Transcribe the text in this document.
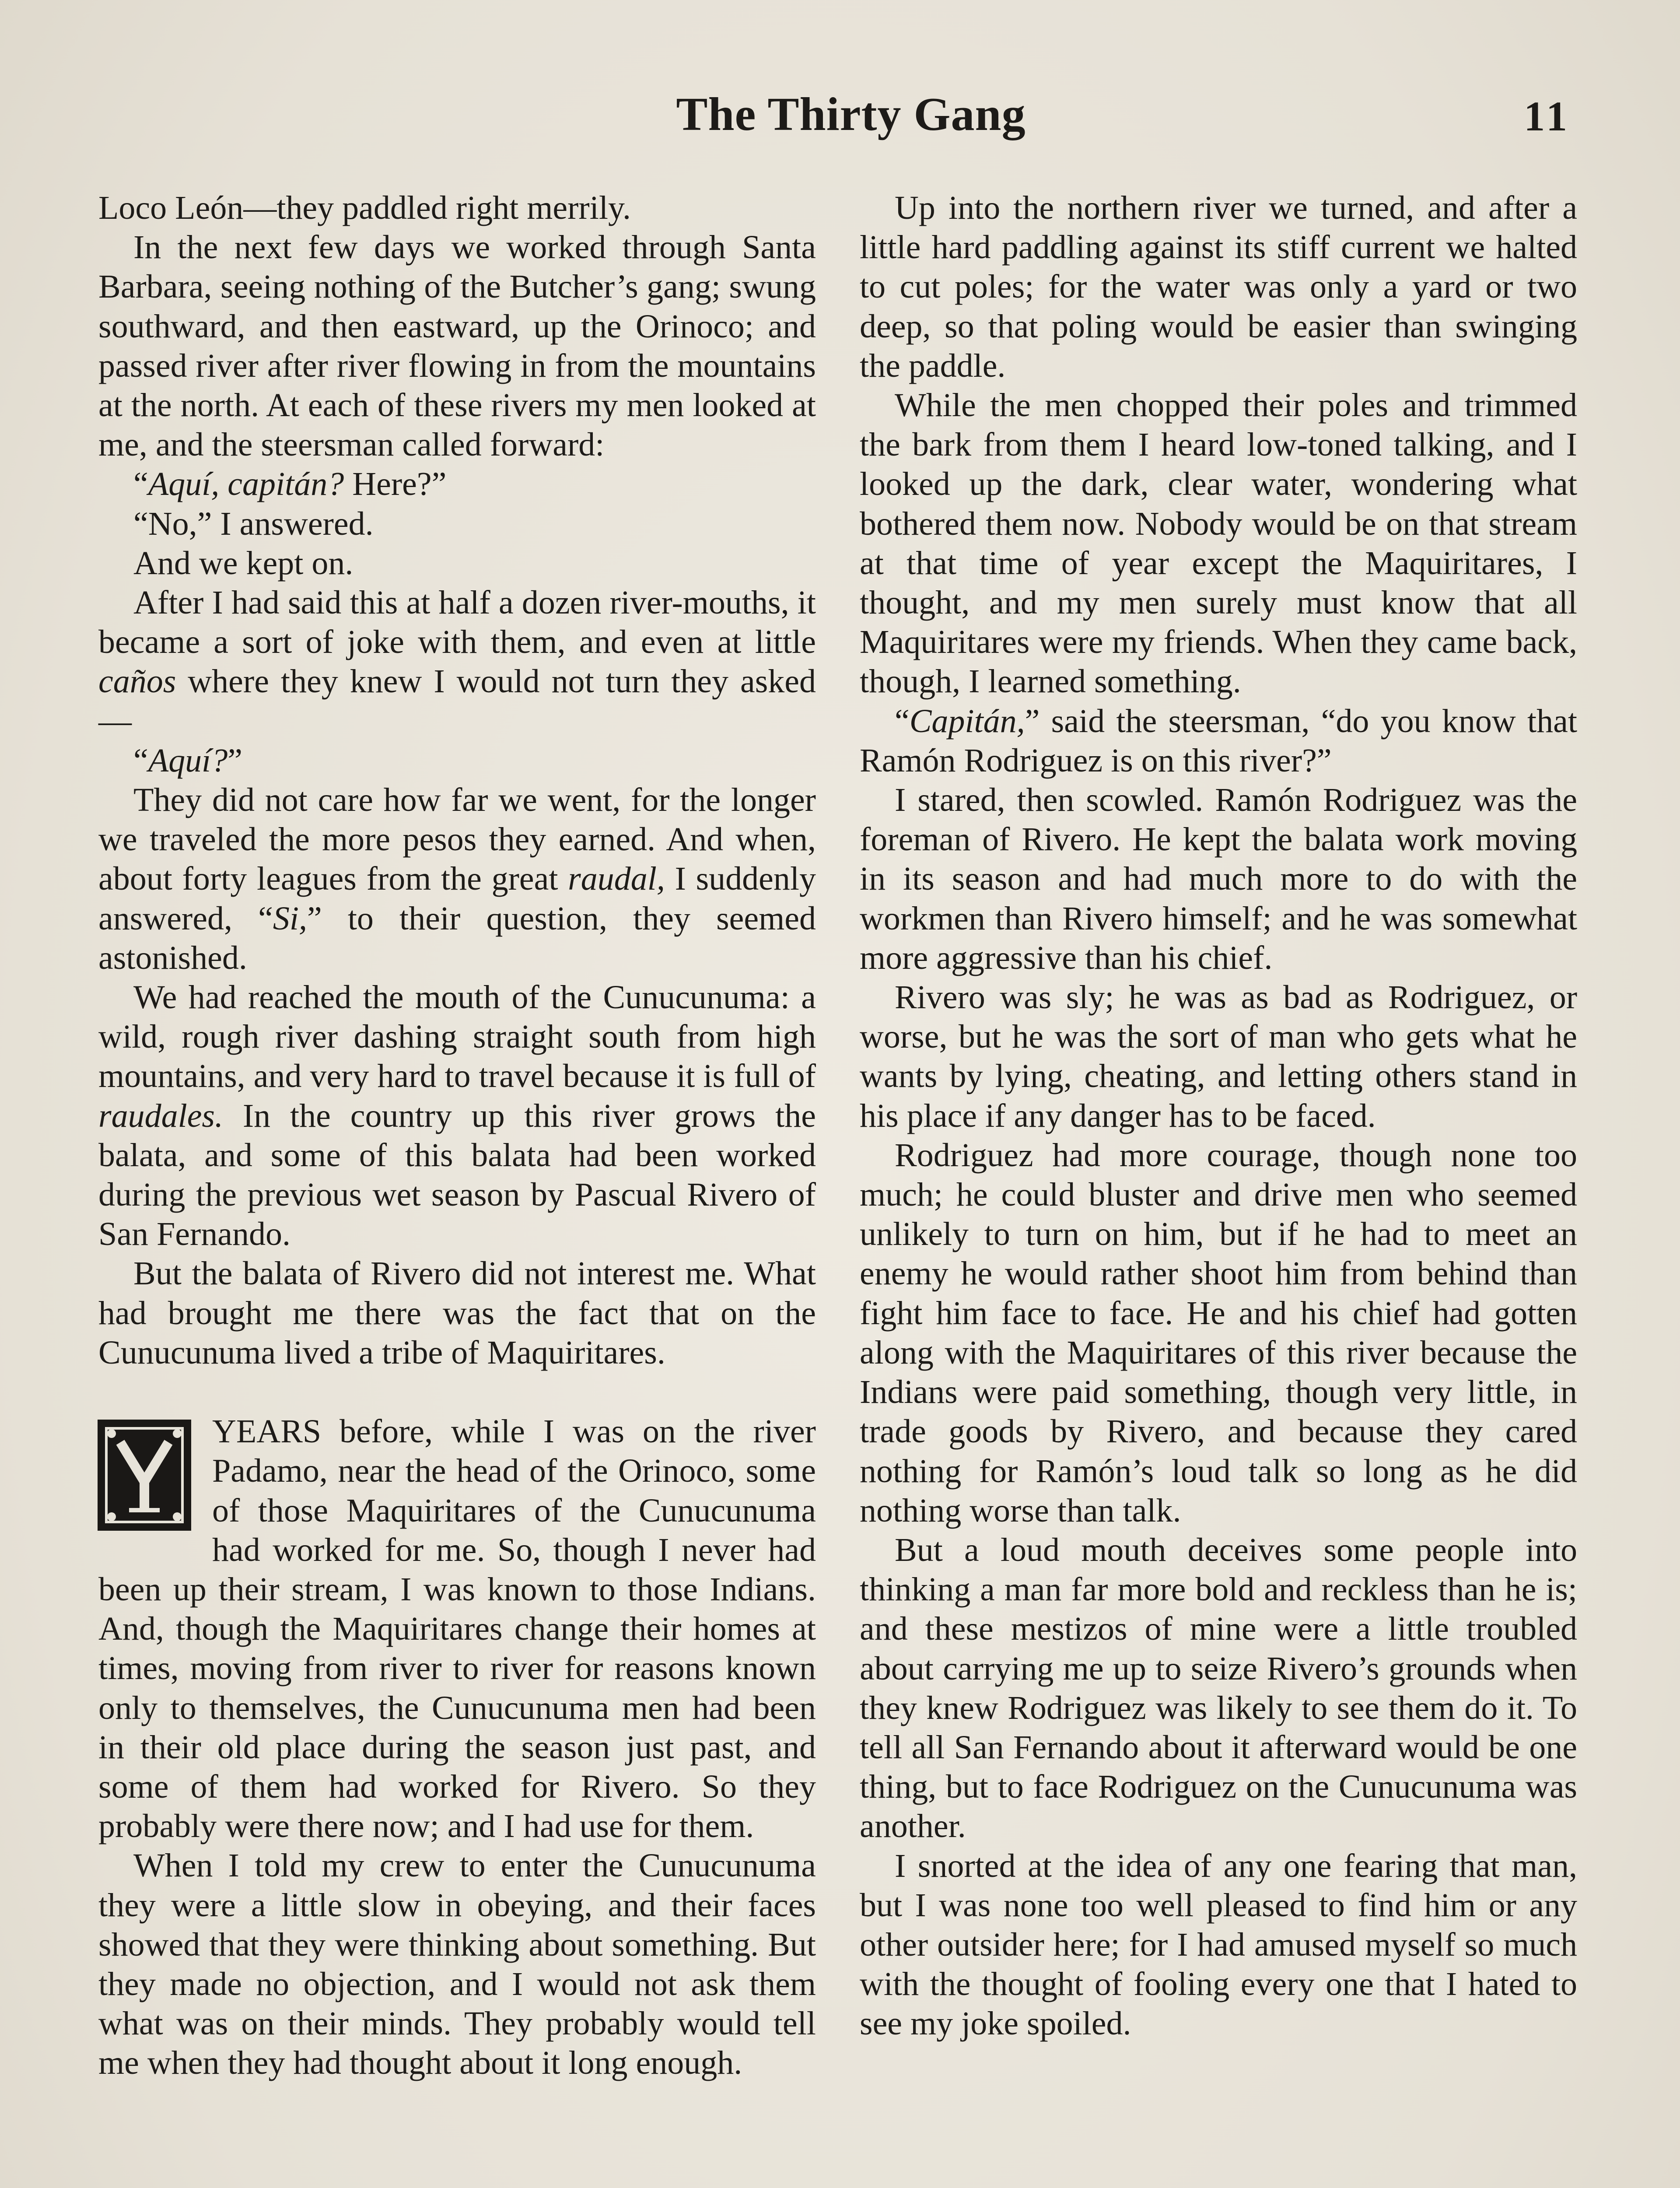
The Thirty Gang	11

Loco León—they paddled right merrily.

In the next few days we worked through Santa Barbara, seeing nothing of the Butcher’s gang; swung southward, and then eastward, up the Orinoco; and passed river after river flowing in from the mountains at the north. At each of these rivers my men looked at me, and the steersman called forward:

“Aquí, capitán? Here?”

“No,” I answered.

And we kept on.

After I had said this at half a dozen river-mouths, it became a sort of joke with them, and even at little caños where they knew I would not turn they asked—

“Aquí?”

They did not care how far we went, for the longer we traveled the more pesos they earned. And when, about forty leagues from the great raudal, I suddenly answered, “Si,” to their question, they seemed astonished.

We had reached the mouth of the Cunucunuma: a wild, rough river dashing straight south from high mountains, and very hard to travel because it is full of raudales. In the country up this river grows the balata, and some of this balata had been worked during the previous wet season by Pascual Rivero of San Fernando.

But the balata of Rivero did not interest me. What had brought me there was the fact that on the Cunucunuma lived a tribe of Maquiritares.

YEARS before, while I was on the river Padamo, near the head of the Orinoco, some of those Maquiritares of the Cunucunuma had worked for me. So, though I never had been up their stream, I was known to those Indians. And, though the Maquiritares change their homes at times, moving from river to river for reasons known only to themselves, the Cunucunuma men had been in their old place during the season just past, and some of them had worked for Rivero. So they probably were there now; and I had use for them.

When I told my crew to enter the Cunucunuma they were a little slow in obeying, and their faces showed that they were thinking about something. But they made no objection, and I would not ask them what was on their minds. They probably would tell me when they had thought about it long enough.

Up into the northern river we turned, and after a little hard paddling against its stiff current we halted to cut poles; for the water was only a yard or two deep, so that poling would be easier than swinging the paddle.

While the men chopped their poles and trimmed the bark from them I heard low-toned talking, and I looked up the dark, clear water, wondering what bothered them now. Nobody would be on that stream at that time of year except the Maquiritares, I thought, and my men surely must know that all Maquiritares were my friends. When they came back, though, I learned something.

“Capitán,” said the steersman, “do you know that Ramón Rodriguez is on this river?”

I stared, then scowled. Ramón Rodriguez was the foreman of Rivero. He kept the balata work moving in its season and had much more to do with the workmen than Rivero himself; and he was somewhat more aggressive than his chief.

Rivero was sly; he was as bad as Rodriguez, or worse, but he was the sort of man who gets what he wants by lying, cheating, and letting others stand in his place if any danger has to be faced.

Rodriguez had more courage, though none too much; he could bluster and drive men who seemed unlikely to turn on him, but if he had to meet an enemy he would rather shoot him from behind than fight him face to face. He and his chief had gotten along with the Maquiritares of this river because the Indians were paid something, though very little, in trade goods by Rivero, and because they cared nothing for Ramón’s loud talk so long as he did nothing worse than talk.

But a loud mouth deceives some people into thinking a man far more bold and reckless than he is; and these mestizos of mine were a little troubled about carrying me up to seize Rivero’s grounds when they knew Rodriguez was likely to see them do it. To tell all San Fernando about it afterward would be one thing, but to face Rodriguez on the Cunucunuma was another.

I snorted at the idea of any one fearing that man, but I was none too well pleased to find him or any other outsider here; for I had amused myself so much with the thought of fooling every one that I hated to see my joke spoiled.
